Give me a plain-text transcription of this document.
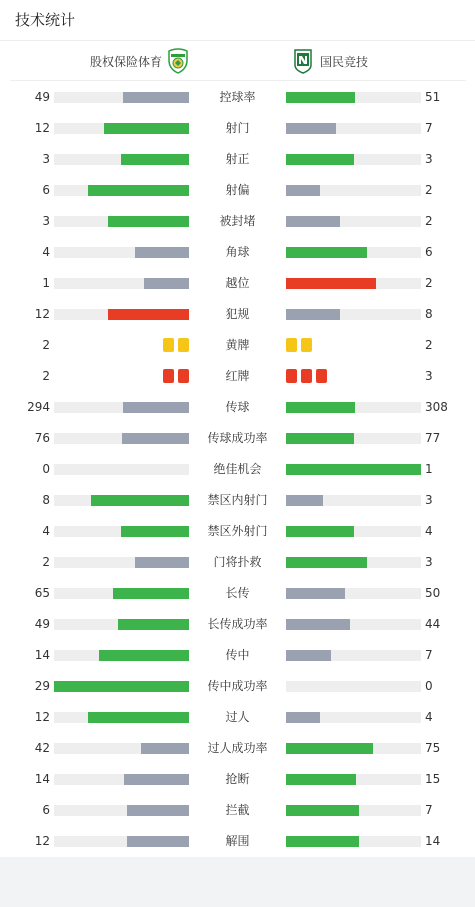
技术统计
股权保险体育	国民竞技
49	控球率	51
12	射门	7
3	射正	3
6	射偏	2
3	被封堵	2
4	角球	6
1	越位	2
12	犯规	8
2	黄牌	2
2	红牌	3
294	传球	308
76	传球成功率	77
0	绝佳机会	1
8	禁区内射门	3
4	禁区外射门	4
2	门将扑救	3
65	长传	50
49	长传成功率	44
14	传中	7
29	传中成功率	0
12	过人	4
42	过人成功率	75
14	抢断	15
6	拦截	7
12	解围	14
